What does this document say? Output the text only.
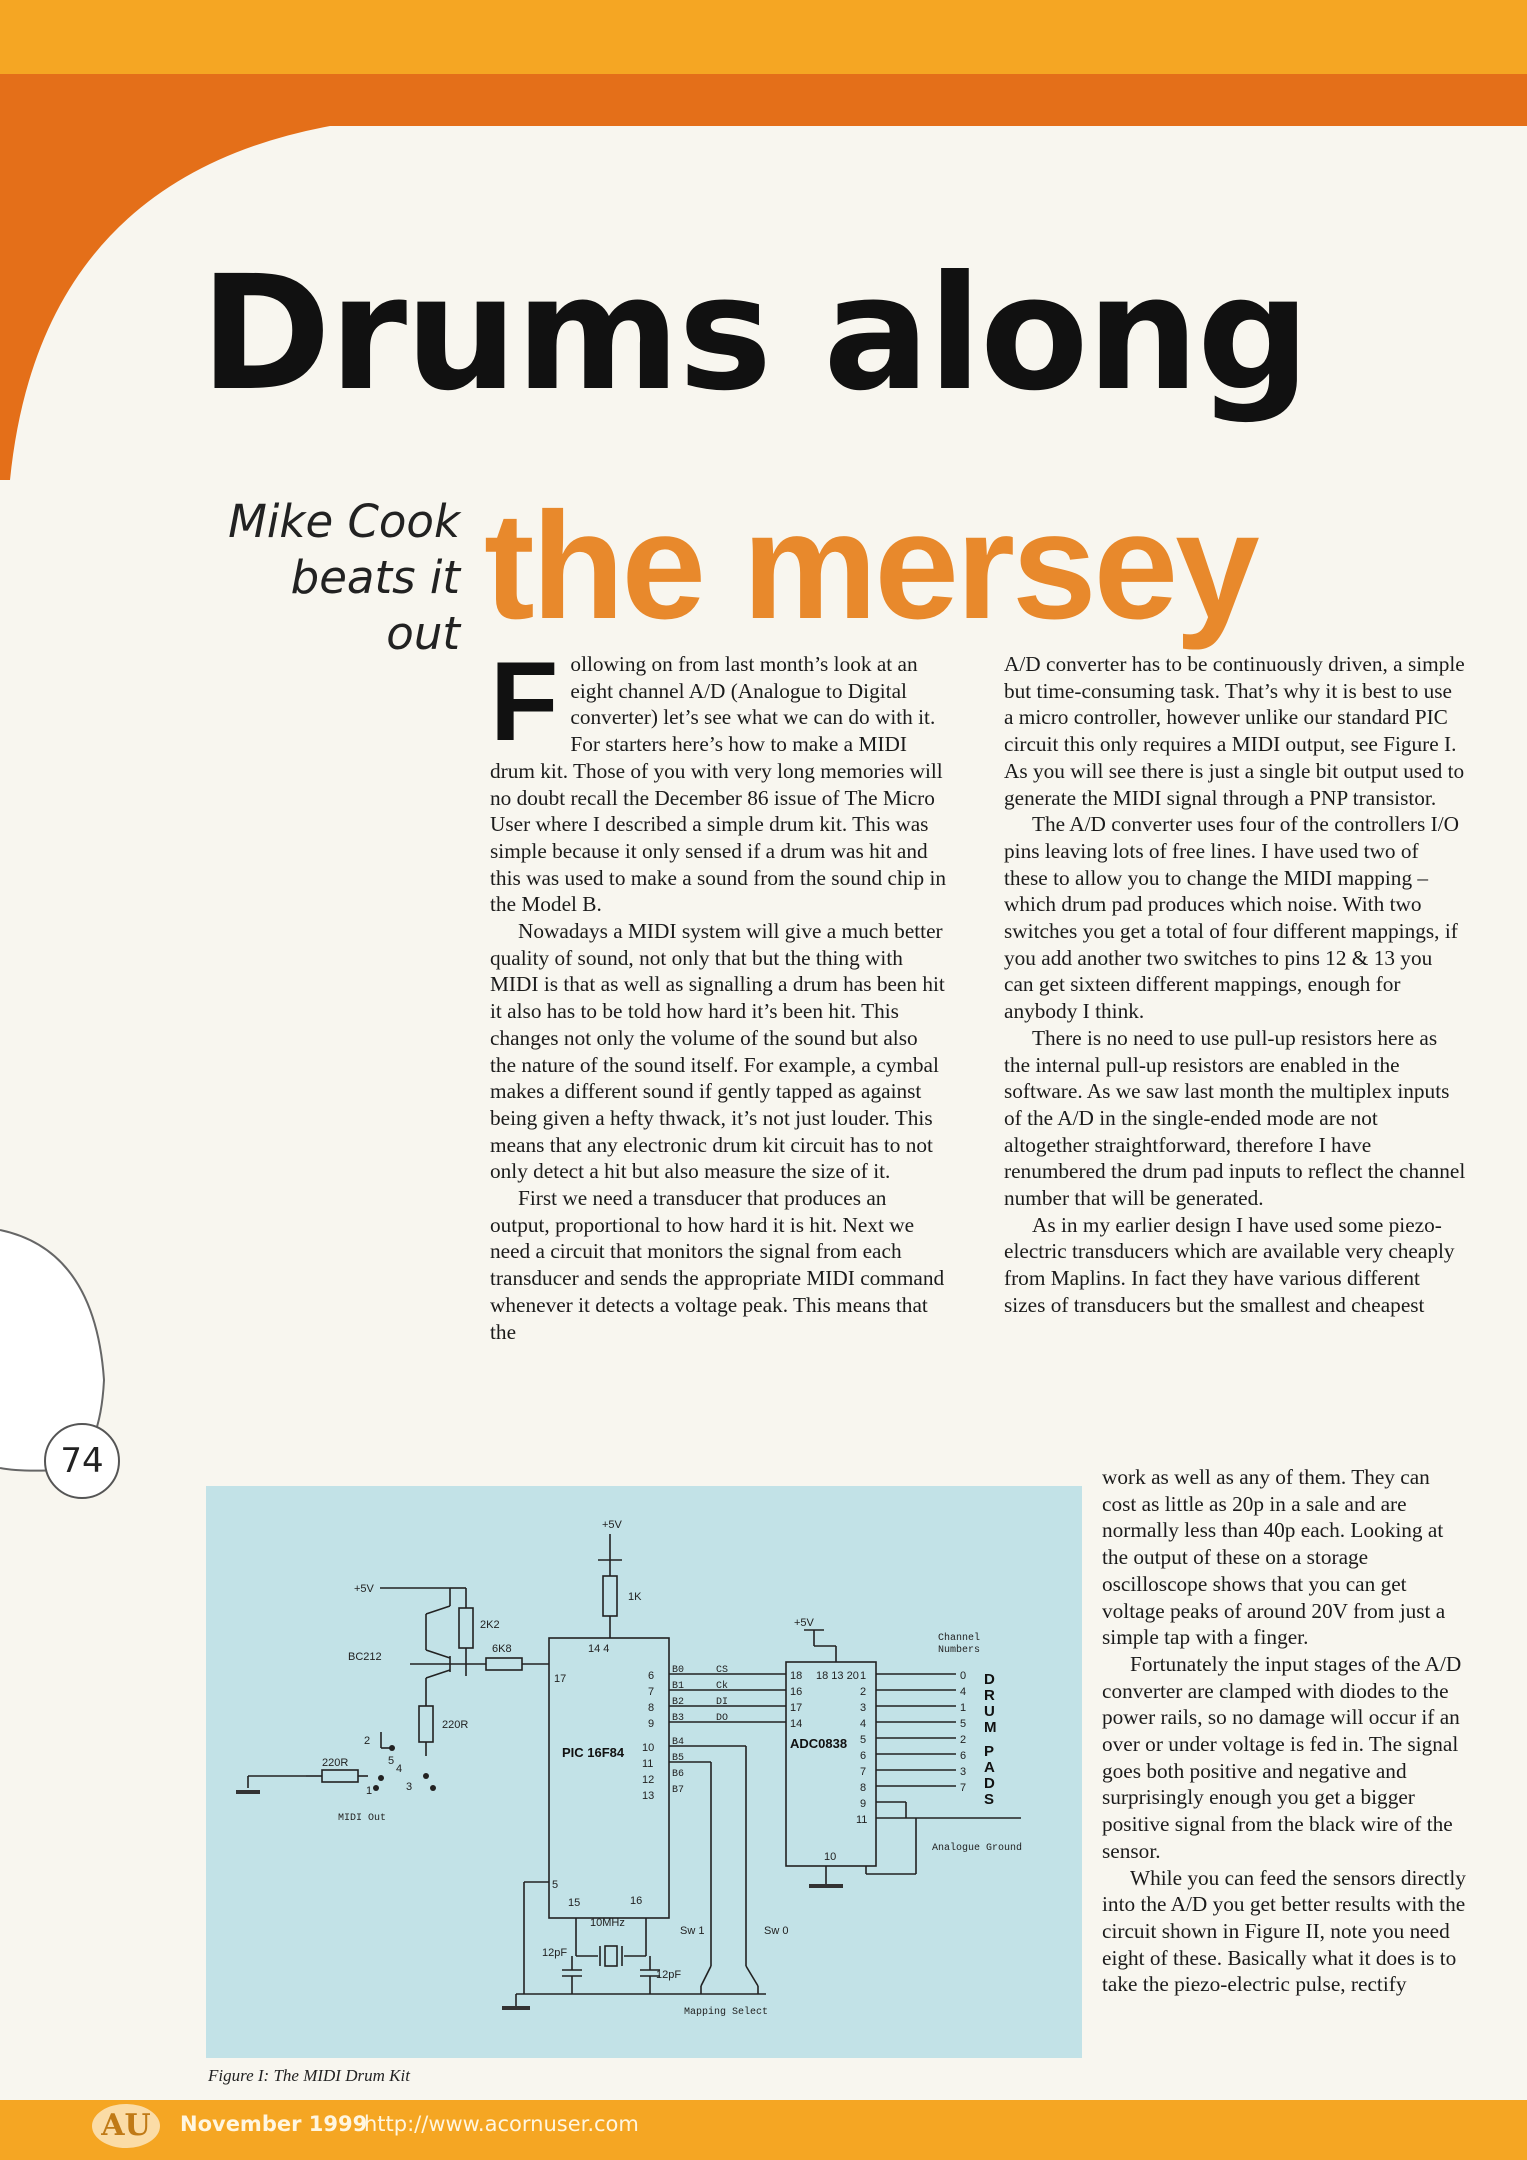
Drums along
the mersey
Mike Cook
beats it out
F ollowing on from last month’s look at an eight channel A/D (Analogue to Digital converter) let’s see what we can do with it. For starters here’s how to make a MIDI drum kit. Those of you with very long memories will no doubt recall the December 86 issue of The Micro User where I described a simple drum kit. This was simple because it only sensed if a drum was hit and this was used to make a sound from the sound chip in the Model B.

Nowadays a MIDI system will give a much better quality of sound, not only that but the thing with MIDI is that as well as signalling a drum has been hit it also has to be told how hard it’s been hit. This changes not only the volume of the sound but also the nature of the sound itself. For example, a cymbal makes a different sound if gently tapped as against being given a hefty thwack, it’s not just louder. This means that any electronic drum kit circuit has to not only detect a hit but also measure the size of it.

First we need a transducer that produces an output, proportional to how hard it is hit. Next we need a circuit that monitors the signal from each transducer and sends the appropriate MIDI command whenever it detects a voltage peak. This means that the

A/D converter has to be continuously driven, a simple but time-consuming task. That’s why it is best to use a micro controller, however unlike our standard PIC circuit this only requires a MIDI output, see Figure I. As you will see there is just a single bit output used to generate the MIDI signal through a PNP transistor.

The A/D converter uses four of the controllers I/O pins leaving lots of free lines. I have used two of these to allow you to change the MIDI mapping – which drum pad produces which noise. With two switches you get a total of four different mappings, if you add another two switches to pins 12 & 13 you can get sixteen different mappings, enough for anybody I think.

There is no need to use pull-up resistors here as the internal pull-up resistors are enabled in the software. As we saw last month the multiplex inputs of the A/D in the single-ended mode are not altogether straightforward, therefore I have renumbered the drum pad inputs to reflect the channel number that will be generated.

As in my earlier design I have used some piezo-electric transducers which are available very cheaply from Maplins. In fact they have various different sizes of transducers but the smallest and cheapest

work as well as any of them. They can cost as little as 20p in a sale and are normally less than 40p each. Looking at the output of these on a storage oscilloscope shows that you can get voltage peaks of around 20V from just a simple tap with a finger.

Fortunately the input stages of the A/D converter are clamped with diodes to the power rails, so no damage will occur if an over or under voltage is fed in. The signal goes both positive and negative and surprisingly enough you get a bigger positive signal from the black wire of the sensor.

While you can feed the sensors directly into the A/D you get better results with the circuit shown in Figure II, note you need eight of these. Basically what it does is to take the piezo-electric pulse, rectify

+5V
1K
+5V
2K2
6K8
BC212
220R
220R
MIDI Out
5
2
1
4
3
14 4
17
PIC 16F84
6
7
8
9
10
11
12
13
B0
B1
B2
B3
B4
B5
B6
B7
5
15	16
10MHz
12pF
12pF
CS
Ck
DI
DO
18
16
17
14
18 13 20
ADC0838
+5V
10
1
2
3
4
5
6
7
8
9
11
Channel
Numbers
0
4
1
5
2
6
3
7
D
R
U
M
P
A
D
S
Analogue Ground
Sw 1	Sw 0
Mapping Select
Figure I: The MIDI Drum Kit
74
AU	November 1999
http://www.acornuser.com
